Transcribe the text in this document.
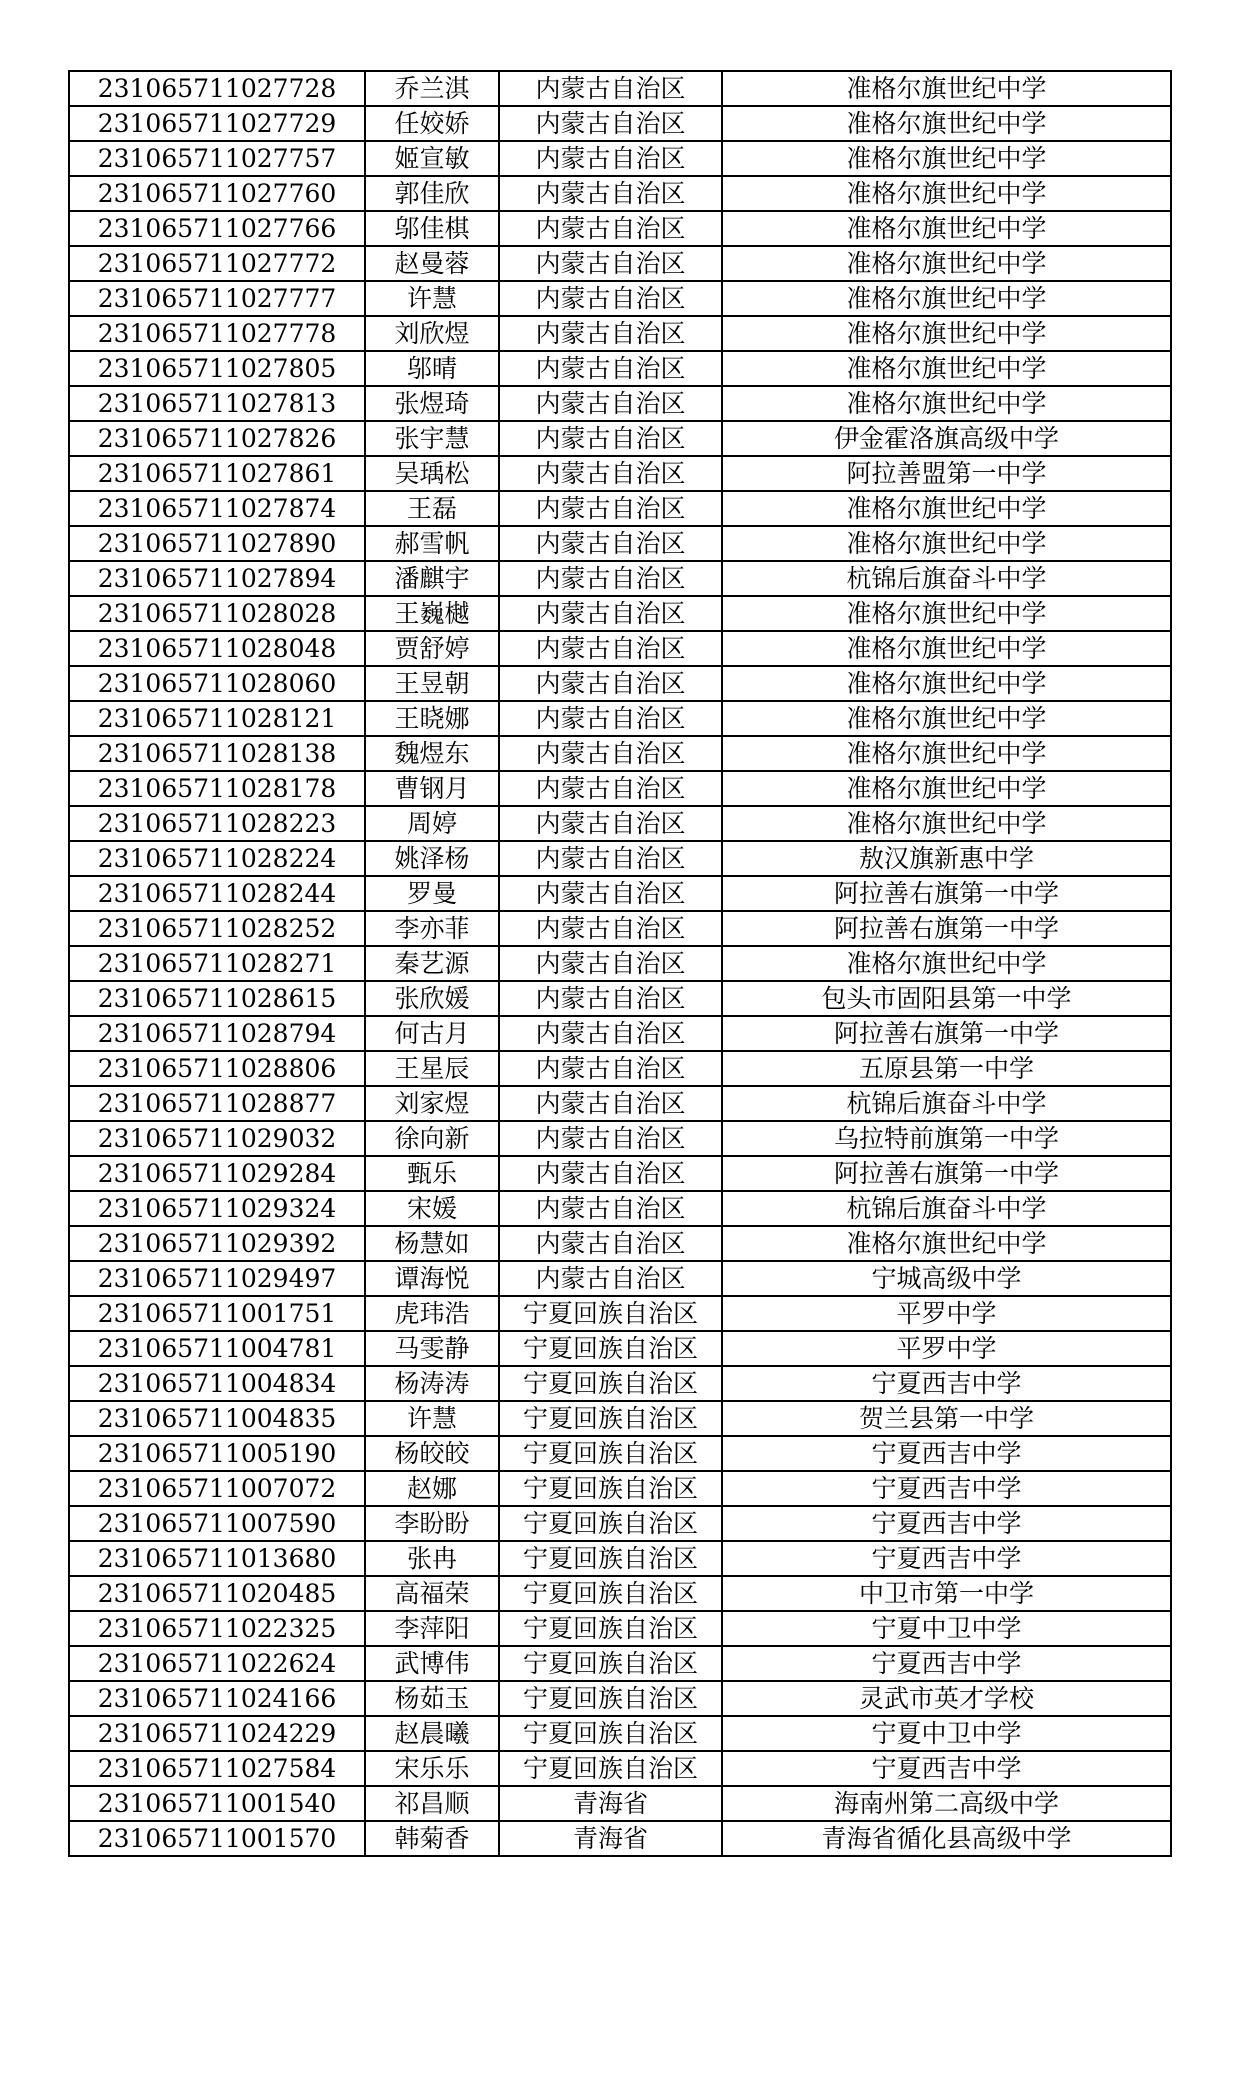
231065711027728	乔兰淇	内蒙古自治区	准格尔旗世纪中学
231065711027729	任姣娇	内蒙古自治区	准格尔旗世纪中学
231065711027757	姬宣敏	内蒙古自治区	准格尔旗世纪中学
231065711027760	郭佳欣	内蒙古自治区	准格尔旗世纪中学
231065711027766	邬佳棋	内蒙古自治区	准格尔旗世纪中学
231065711027772	赵曼蓉	内蒙古自治区	准格尔旗世纪中学
231065711027777	许慧	内蒙古自治区	准格尔旗世纪中学
231065711027778	刘欣煜	内蒙古自治区	准格尔旗世纪中学
231065711027805	邬晴	内蒙古自治区	准格尔旗世纪中学
231065711027813	张煜琦	内蒙古自治区	准格尔旗世纪中学
231065711027826	张宇慧	内蒙古自治区	伊金霍洛旗高级中学
231065711027861	吴瑀松	内蒙古自治区	阿拉善盟第一中学
231065711027874	王磊	内蒙古自治区	准格尔旗世纪中学
231065711027890	郝雪帆	内蒙古自治区	准格尔旗世纪中学
231065711027894	潘麒宇	内蒙古自治区	杭锦后旗奋斗中学
231065711028028	王巍樾	内蒙古自治区	准格尔旗世纪中学
231065711028048	贾舒婷	内蒙古自治区	准格尔旗世纪中学
231065711028060	王昱朝	内蒙古自治区	准格尔旗世纪中学
231065711028121	王晓娜	内蒙古自治区	准格尔旗世纪中学
231065711028138	魏煜东	内蒙古自治区	准格尔旗世纪中学
231065711028178	曹钢月	内蒙古自治区	准格尔旗世纪中学
231065711028223	周婷	内蒙古自治区	准格尔旗世纪中学
231065711028224	姚泽杨	内蒙古自治区	敖汉旗新惠中学
231065711028244	罗曼	内蒙古自治区	阿拉善右旗第一中学
231065711028252	李亦菲	内蒙古自治区	阿拉善右旗第一中学
231065711028271	秦艺源	内蒙古自治区	准格尔旗世纪中学
231065711028615	张欣媛	内蒙古自治区	包头市固阳县第一中学
231065711028794	何古月	内蒙古自治区	阿拉善右旗第一中学
231065711028806	王星辰	内蒙古自治区	五原县第一中学
231065711028877	刘家煜	内蒙古自治区	杭锦后旗奋斗中学
231065711029032	徐向新	内蒙古自治区	乌拉特前旗第一中学
231065711029284	甄乐	内蒙古自治区	阿拉善右旗第一中学
231065711029324	宋媛	内蒙古自治区	杭锦后旗奋斗中学
231065711029392	杨慧如	内蒙古自治区	准格尔旗世纪中学
231065711029497	谭海悦	内蒙古自治区	宁城高级中学
231065711001751	虎玮浩	宁夏回族自治区	平罗中学
231065711004781	马雯静	宁夏回族自治区	平罗中学
231065711004834	杨涛涛	宁夏回族自治区	宁夏西吉中学
231065711004835	许慧	宁夏回族自治区	贺兰县第一中学
231065711005190	杨皎皎	宁夏回族自治区	宁夏西吉中学
231065711007072	赵娜	宁夏回族自治区	宁夏西吉中学
231065711007590	李盼盼	宁夏回族自治区	宁夏西吉中学
231065711013680	张冉	宁夏回族自治区	宁夏西吉中学
231065711020485	高福荣	宁夏回族自治区	中卫市第一中学
231065711022325	李萍阳	宁夏回族自治区	宁夏中卫中学
231065711022624	武博伟	宁夏回族自治区	宁夏西吉中学
231065711024166	杨茹玉	宁夏回族自治区	灵武市英才学校
231065711024229	赵晨曦	宁夏回族自治区	宁夏中卫中学
231065711027584	宋乐乐	宁夏回族自治区	宁夏西吉中学
231065711001540	祁昌顺	青海省	海南州第二高级中学
231065711001570	韩菊香	青海省	青海省循化县高级中学
